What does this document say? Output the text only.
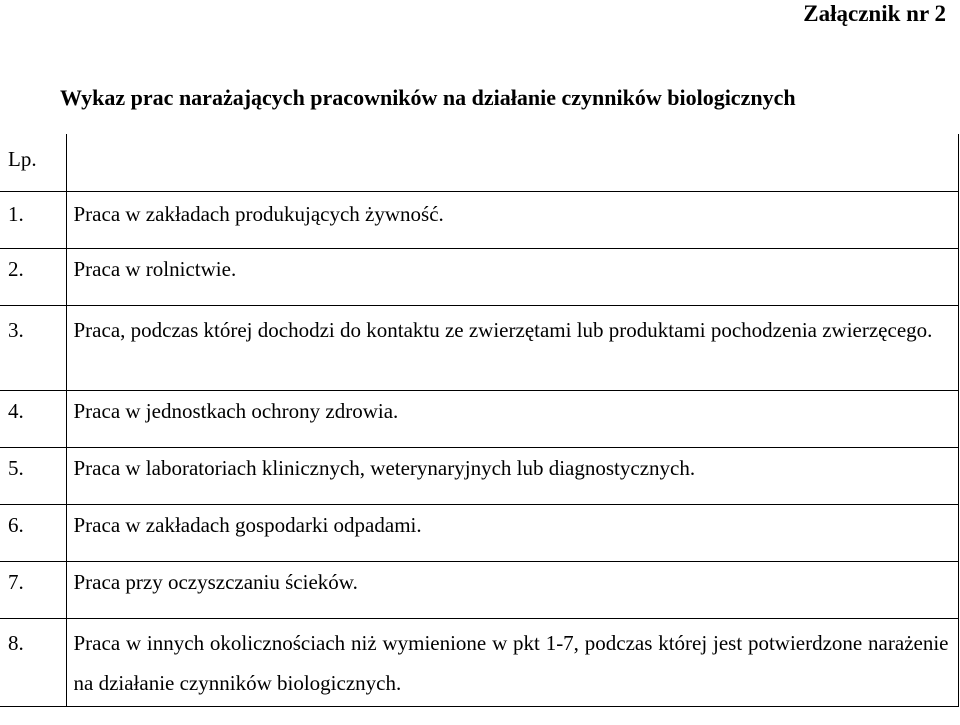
Załącznik nr 2

Wykaz prac narażających pracowników na działanie czynników biologicznych

Lp.	
1.	Praca w zakładach produkujących żywność.
2.	Praca w rolnictwie.
3.	Praca, podczas której dochodzi do kontaktu ze zwierzętami lub produktami pochodzenia zwierzęcego.
4.	Praca w jednostkach ochrony zdrowia.
5.	Praca w laboratoriach klinicznych, weterynaryjnych lub diagnostycznych.
6.	Praca w zakładach gospodarki odpadami.
7.	Praca przy oczyszczaniu ścieków.
8.	Praca w innych okolicznościach niż wymienione w pkt 1-7, podczas której jest potwierdzone narażenie na działanie czynników biologicznych.
